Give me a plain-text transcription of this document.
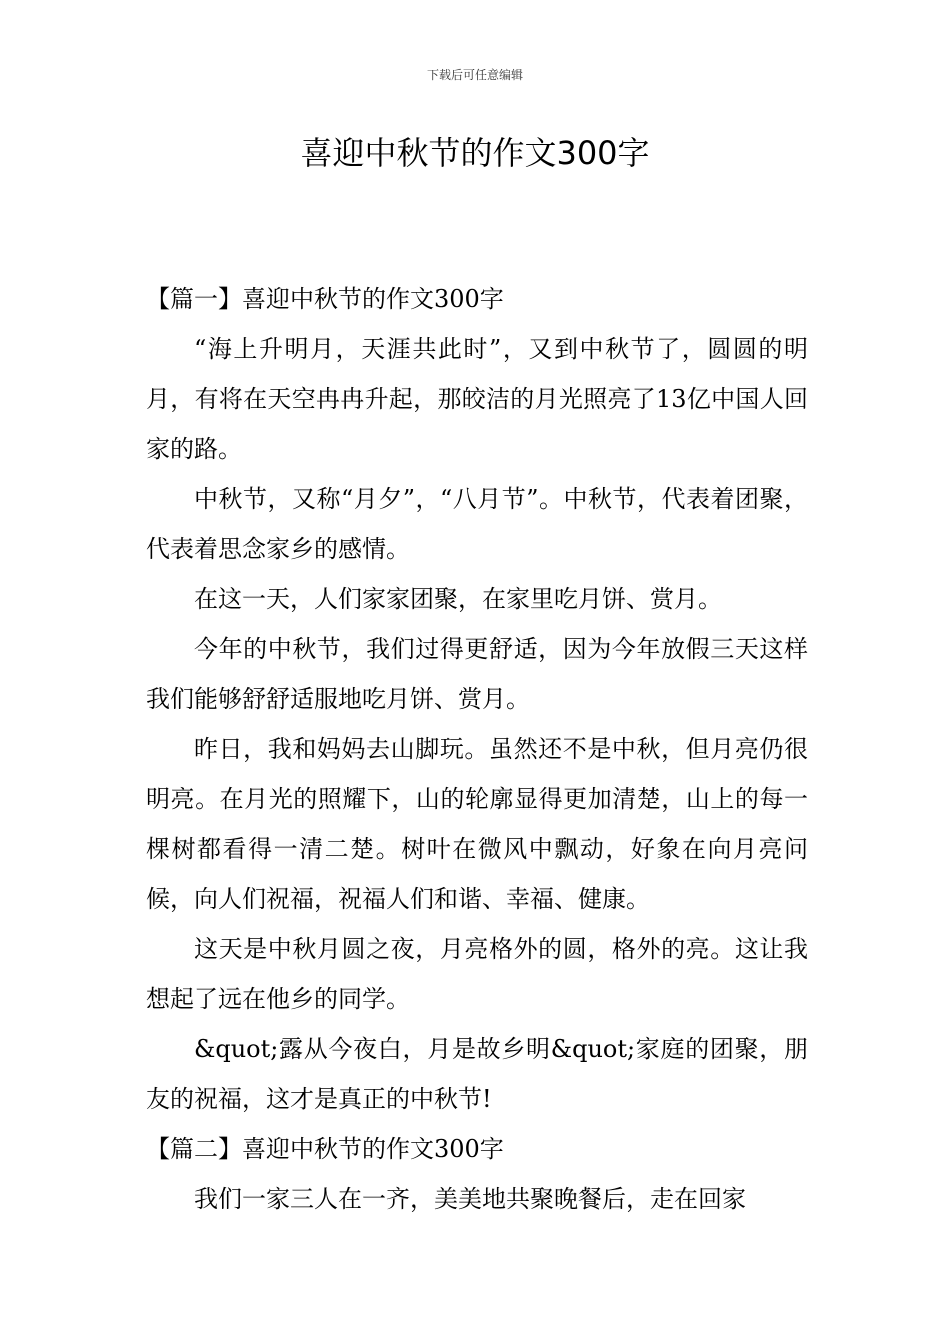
下载后可任意编辑
喜迎中秋节的作文300字

【篇一】喜迎中秋节的作文300字

“海上升明月，天涯共此时”，又到中秋节了，圆圆的明月，有将在天空冉冉升起，那皎洁的月光照亮了13亿中国人回家的路。

中秋节，又称“月夕”，“八月节”。中秋节，代表着团聚，代表着思念家乡的感情。

在这一天，人们家家团聚，在家里吃月饼、赏月。

今年的中秋节，我们过得更舒适，因为今年放假三天这样我们能够舒舒适服地吃月饼、赏月。

昨日，我和妈妈去山脚玩。虽然还不是中秋，但月亮仍很明亮。在月光的照耀下，山的轮廓显得更加清楚，山上的每一棵树都看得一清二楚。树叶在微风中飘动，好象在向月亮问候，向人们祝福，祝福人们和谐、幸福、健康。

这天是中秋月圆之夜，月亮格外的圆，格外的亮。这让我想起了远在他乡的同学。

&quot;露从今夜白，月是故乡明&quot;家庭的团聚，朋友的祝福，这才是真正的中秋节!

【篇二】喜迎中秋节的作文300字

我们一家三人在一齐，美美地共聚晚餐后，走在回家
